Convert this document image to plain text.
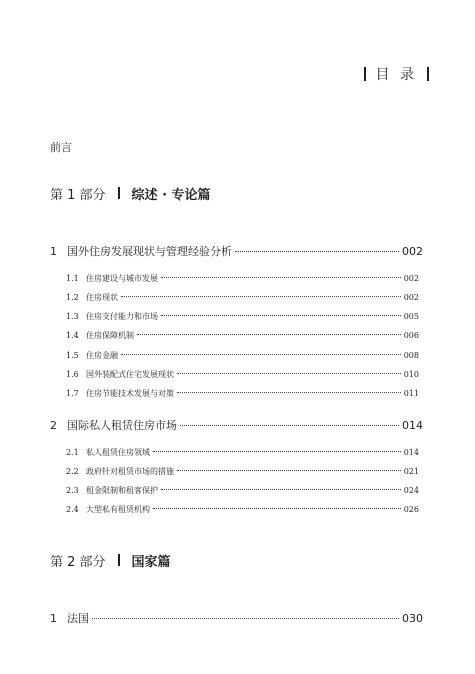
目 录
前言
第 1 部分 综述 · 专论篇
1 国外住房发展现状与管理经验分析	002
1.1 住房建设与城市发展	002
1.2 住房现状	002
1.3 住房支付能力和市场	005
1.4 住房保障机制	006
1.5 住房金融	008
1.6 国外装配式住宅发展现状	010
1.7 住房节能技术发展与对策	011
2 国际私人租赁住房市场	014
2.1 私人租赁住房领域	014
2.2 政府针对租赁市场的措施	021
2.3 租金限制和租客保护	024
2.4 大型私有租赁机构	026
第 2 部分 国家篇
1 法国	030
